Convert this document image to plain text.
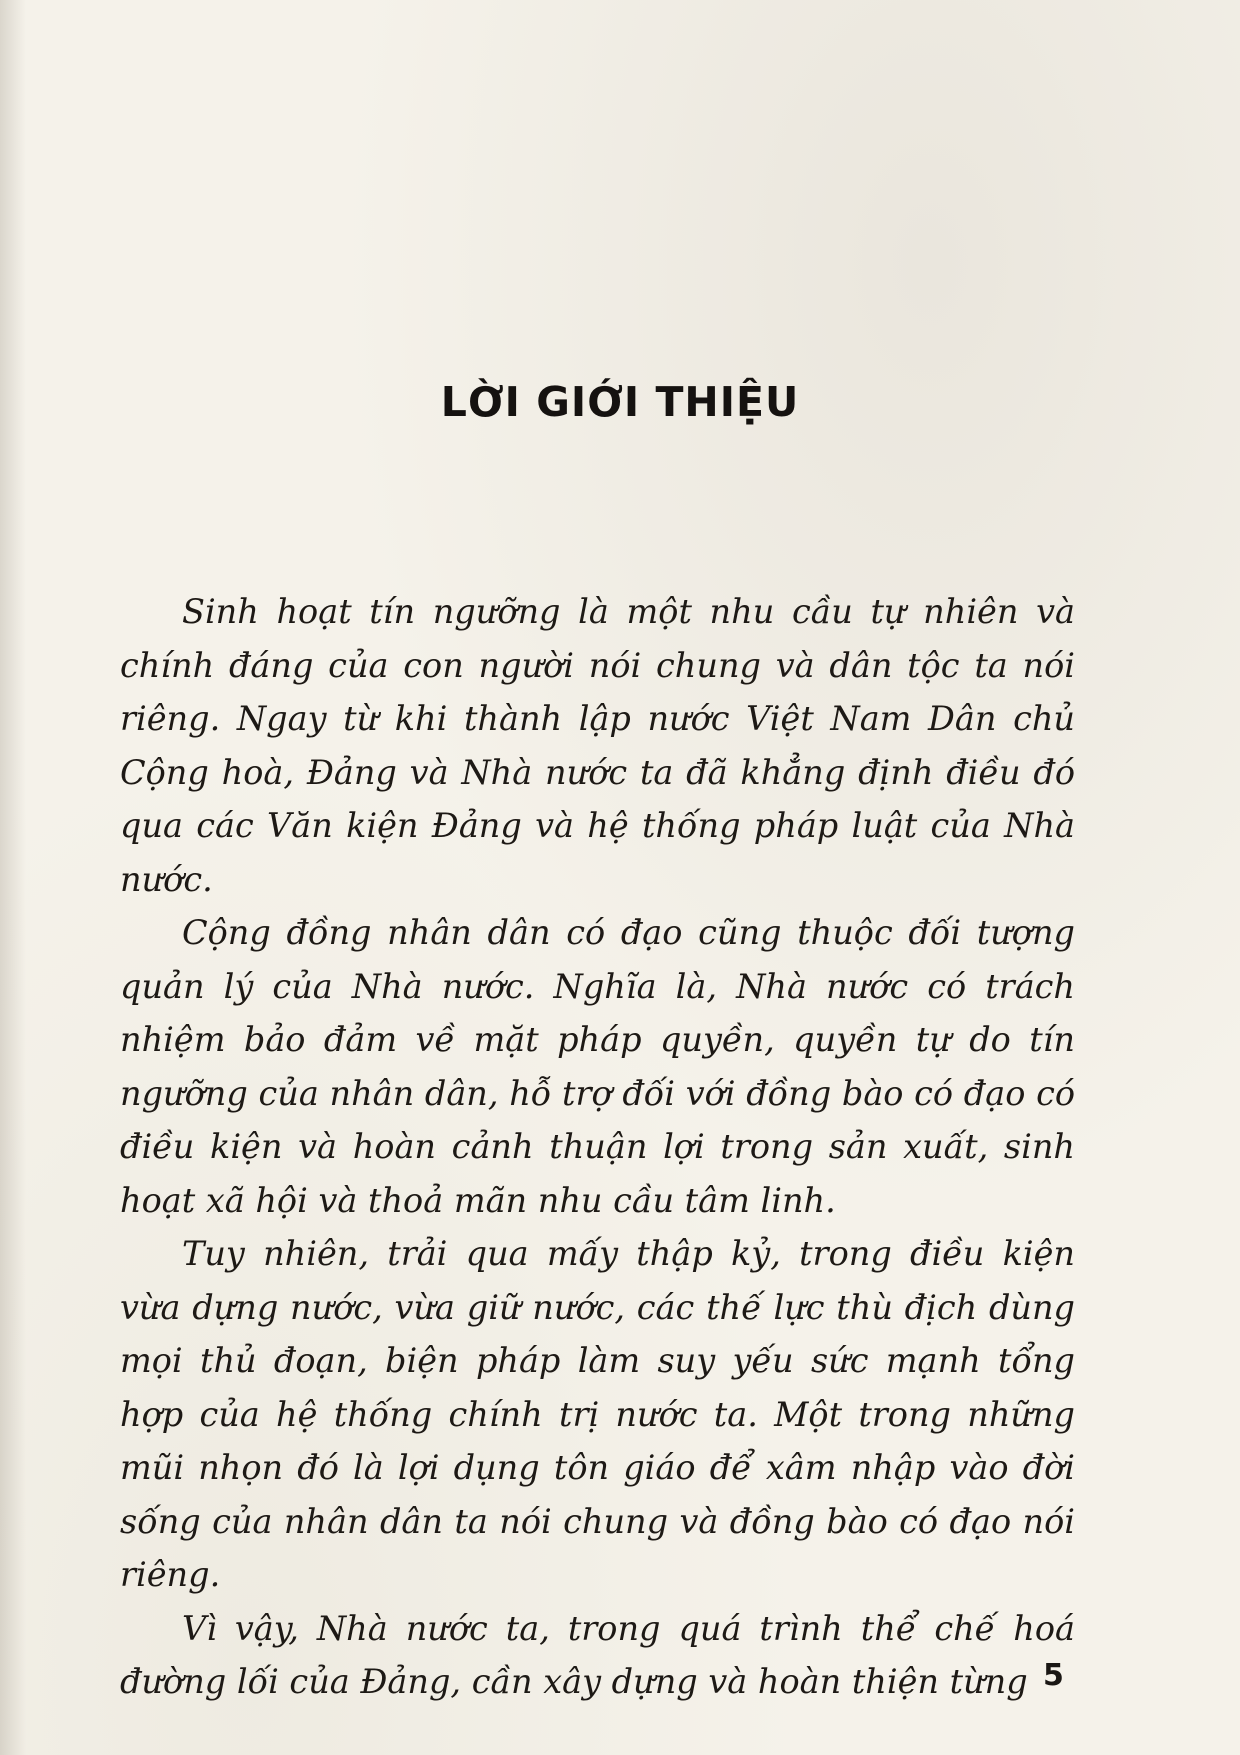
LỜI GIỚI THIỆU

Sinh hoạt tín ngưỡng là một nhu cầu tự nhiên và chính đáng của con người nói chung và dân tộc ta nói riêng. Ngay từ khi thành lập nước Việt Nam Dân chủ Cộng hoà, Đảng và Nhà nước ta đã khẳng định điều đó qua các Văn kiện Đảng và hệ thống pháp luật của Nhà nước.

Cộng đồng nhân dân có đạo cũng thuộc đối tượng quản lý của Nhà nước. Nghĩa là, Nhà nước có trách nhiệm bảo đảm về mặt pháp quyền, quyền tự do tín ngưỡng của nhân dân, hỗ trợ đối với đồng bào có đạo có điều kiện và hoàn cảnh thuận lợi trong sản xuất, sinh hoạt xã hội và thoả mãn nhu cầu tâm linh.

Tuy nhiên, trải qua mấy thập kỷ, trong điều kiện vừa dựng nước, vừa giữ nước, các thế lực thù địch dùng mọi thủ đoạn, biện pháp làm suy yếu sức mạnh tổng hợp của hệ thống chính trị nước ta. Một trong những mũi nhọn đó là lợi dụng tôn giáo để xâm nhập vào đời sống của nhân dân ta nói chung và đồng bào có đạo nói riêng.

Vì vậy, Nhà nước ta, trong quá trình thể chế hoá đường lối của Đảng, cần xây dựng và hoàn thiện từng 5
